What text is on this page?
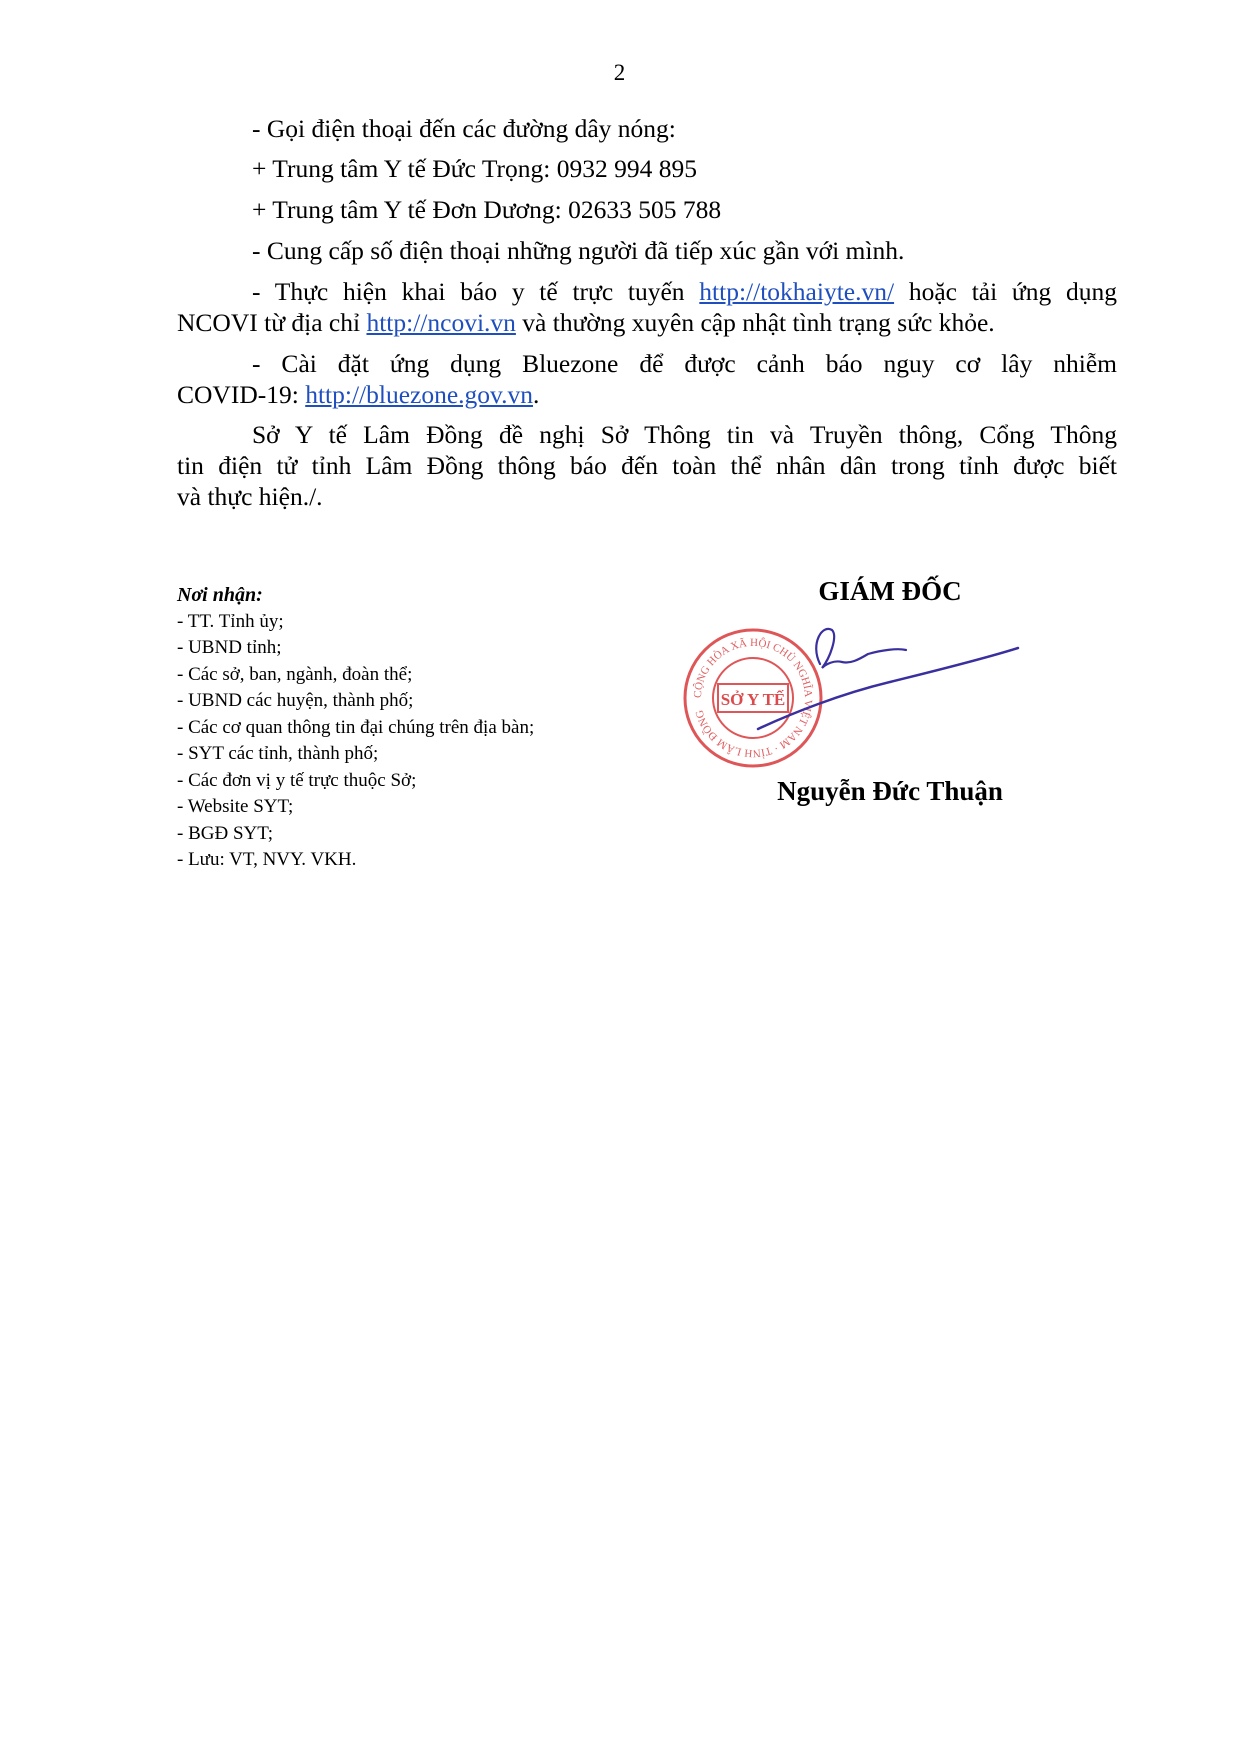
2
- Gọi điện thoại đến các đường dây nóng:
+ Trung tâm Y tế Đức Trọng: 0932 994 895
+ Trung tâm Y tế Đơn Dương: 02633 505 788
- Cung cấp số điện thoại những người đã tiếp xúc gần với mình.
- Thực hiện khai báo y tế trực tuyến http://tokhaiyte.vn/ hoặc tải ứng dụng
NCOVI từ địa chỉ http://ncovi.vn và thường xuyên cập nhật tình trạng sức khỏe.
- Cài đặt ứng dụng Bluezone để được cảnh báo nguy cơ lây nhiễm
COVID-19: http://bluezone.gov.vn.
Sở Y tế Lâm Đồng đề nghị Sở Thông tin và Truyền thông, Cổng Thông
tin điện tử tỉnh Lâm Đồng thông báo đến toàn thể nhân dân trong tỉnh được biết
và thực hiện./.
Nơi nhận:
- TT. Tỉnh ủy;
- UBND tỉnh;
- Các sở, ban, ngành, đoàn thể;
- UBND các huyện, thành phố;
- Các cơ quan thông tin đại chúng trên địa bàn;
- SYT các tỉnh, thành phố;
- Các đơn vị y tế trực thuộc Sở;
- Website SYT;
- BGĐ SYT;
- Lưu: VT, NVY. VKH.
GIÁM ĐỐC
CỘNG HÒA XÃ HỘI CHỦ NGHĨA VIỆT NAM · TỈNH LÂM ĐỒNG
SỞ Y TẾ
Nguyễn Đức Thuận
